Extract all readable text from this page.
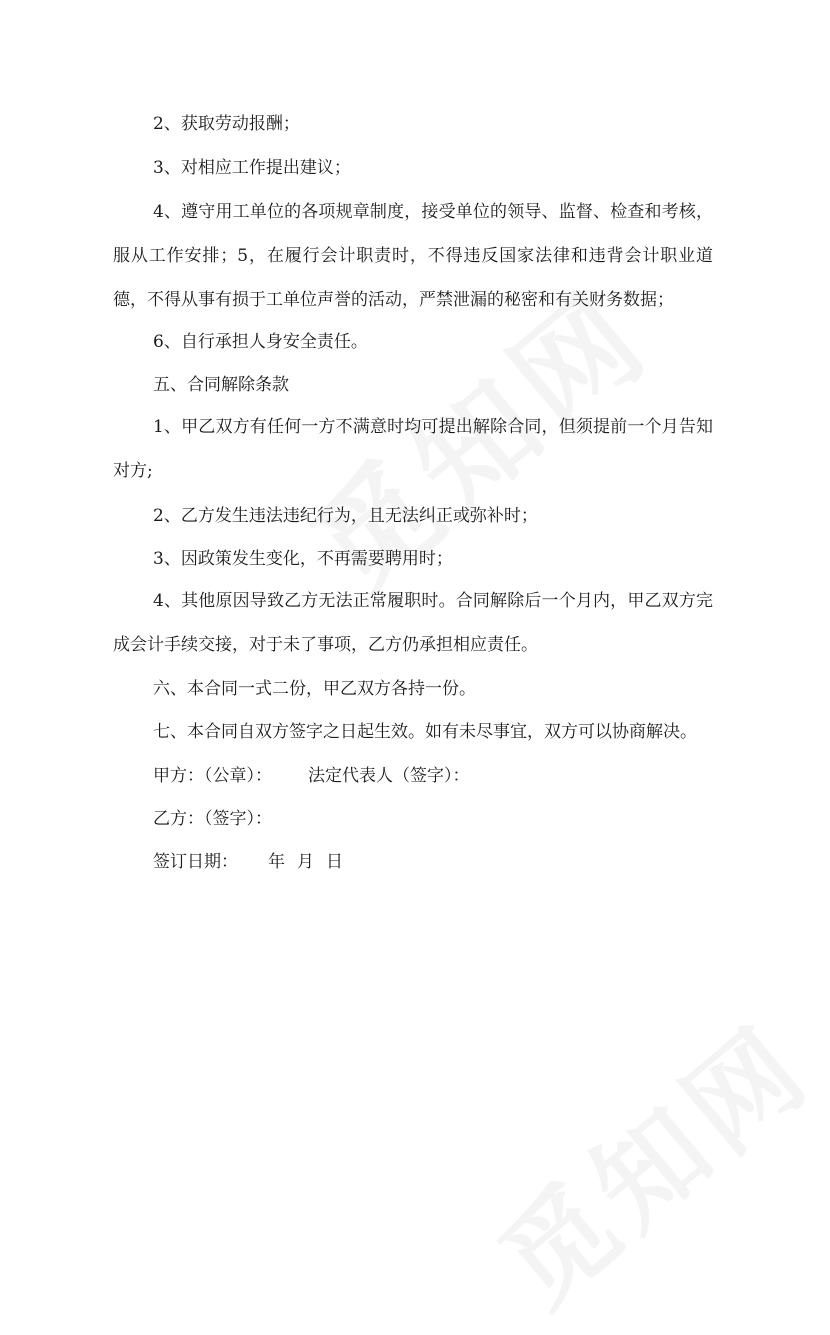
2、获取劳动报酬；
3、对相应工作提出建议；
4、遵守用工单位的各项规章制度，接受单位的领导、监督、检查和考核，服从工作安排；5，在履行会计职责时，不得违反国家法律和违背会计职业道德，不得从事有损于工单位声誉的活动，严禁泄漏的秘密和有关财务数据；
6、自行承担人身安全责任。
五、合同解除条款
1、甲乙双方有任何一方不满意时均可提出解除合同，但须提前一个月告知对方;
2、乙方发生违法违纪行为，且无法纠正或弥补时；
3、因政策发生变化，不再需要聘用时；
4、其他原因导致乙方无法正常履职时。合同解除后一个月内，甲乙双方完成会计手续交接，对于未了事项，乙方仍承担相应责任。
六、本合同一式二份，甲乙双方各持一份。
七、本合同自双方签字之日起生效。如有未尽事宜，双方可以协商解决。
甲方：（公章）： 法定代表人（签字）：
乙方：（签字）：
签订日期： 年 月 日
